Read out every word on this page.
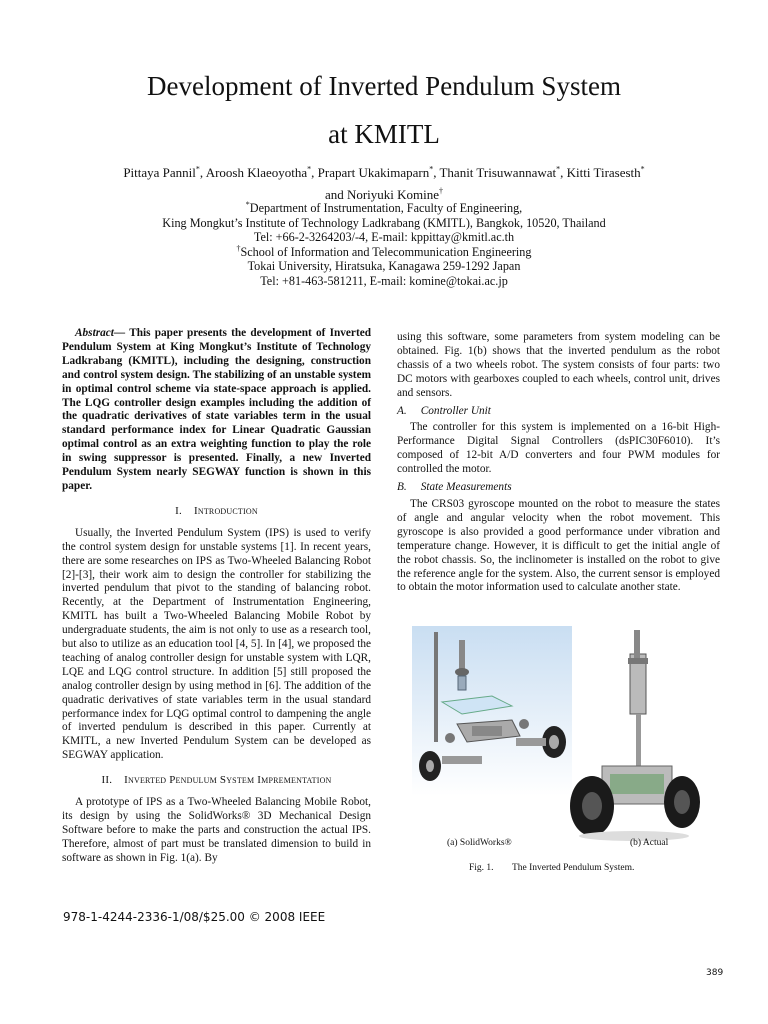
Development of Inverted Pendulum System
at KMITL
Pittaya Pannil*, Aroosh Klaeoyotha*, Prapart Ukakimaparn*, Thanit Trisuwannawat*, Kitti Tirasesth*
and Noriyuki Komine†
*Department of Instrumentation, Faculty of Engineering,
King Mongkut’s Institute of Technology Ladkrabang (KMITL), Bangkok, 10520, Thailand
Tel: +66-2-3264203/-4, E-mail: kppittay@kmitl.ac.th
†School of Information and Telecommunication Engineering
Tokai University, Hiratsuka, Kanagawa 259-1292 Japan
Tel: +81-463-581211, E-mail: komine@tokai.ac.jp

Abstract— This paper presents the development of Inverted Pendulum System at King Mongkut’s Institute of Technology Ladkrabang (KMITL), including the designing, construction and control system design. The stabilizing of an unstable system in optimal control scheme via state-space approach is applied. The LQG controller design examples including the addition of the quadratic derivatives of state variables term in the usual standard performance index for Linear Quadratic Gaussian optimal control as an extra weighting function to play the role in swing suppressor is presented. Finally, a new Inverted Pendulum System nearly SEGWAY function is shown in this paper.

I. Introduction

Usually, the Inverted Pendulum System (IPS) is used to verify the control system design for unstable systems [1]. In recent years, there are some researches on IPS as Two-Wheeled Balancing Robot [2]-[3], their work aim to design the controller for stabilizing the inverted pendulum that pivot to the standing of balancing robot. Recently, at the Department of Instrumentation Engineering, KMITL has built a Two-Wheeled Balancing Mobile Robot by undergraduate students, the aim is not only to use as a research tool, but also to utilize as an education tool [4, 5]. In [4], we proposed the teaching of analog controller design for unstable system with LQR, LQE and LQG control structure. In addition [5] still proposed the analog controller design by using method in [6]. The addition of the quadratic derivatives of state variables term in the usual standard performance index for LQG optimal control to dampening the angle of inverted pendulum is described in this paper. Currently at KMITL, a new Inverted Pendulum System can be developed as SEGWAY application.

II. Inverted Pendulum System Imprementation

A prototype of IPS as a Two-Wheeled Balancing Mobile Robot, its design by using the SolidWorks® 3D Mechanical Design Software before to make the parts and construction the actual IPS. Therefore, almost of part must be translated dimension to build in software as shown in Fig. 1(a). By

using this software, some parameters from system modeling can be obtained. Fig. 1(b) shows that the inverted pendulum as the robot chassis of a two wheels robot. The system consists of four parts: two DC motors with gearboxes coupled to each wheels, control unit, drives and sensors.

A. Controller Unit

The controller for this system is implemented on a 16-bit High-Performance Digital Signal Controllers (dsPIC30F6010). It’s composed of 12-bit A/D converters and four PWM modules for controlled the motor.

B. State Measurements

The CRS03 gyroscope mounted on the robot to measure the states of angle and angular velocity when the robot movement. This gyroscope is also provided a good performance under vibration and temperature change. However, it is difficult to get the initial angle of the robot chassis. So, the inclinometer is installed on the robot to give the reference angle for the system. Also, the current sensor is employed to obtain the motor information used to calculate another state.

(a) SolidWorks®	(b) Actual
Fig. 1. The Inverted Pendulum System.
978-1-4244-2336-1/08/$25.00 © 2008 IEEE
389
